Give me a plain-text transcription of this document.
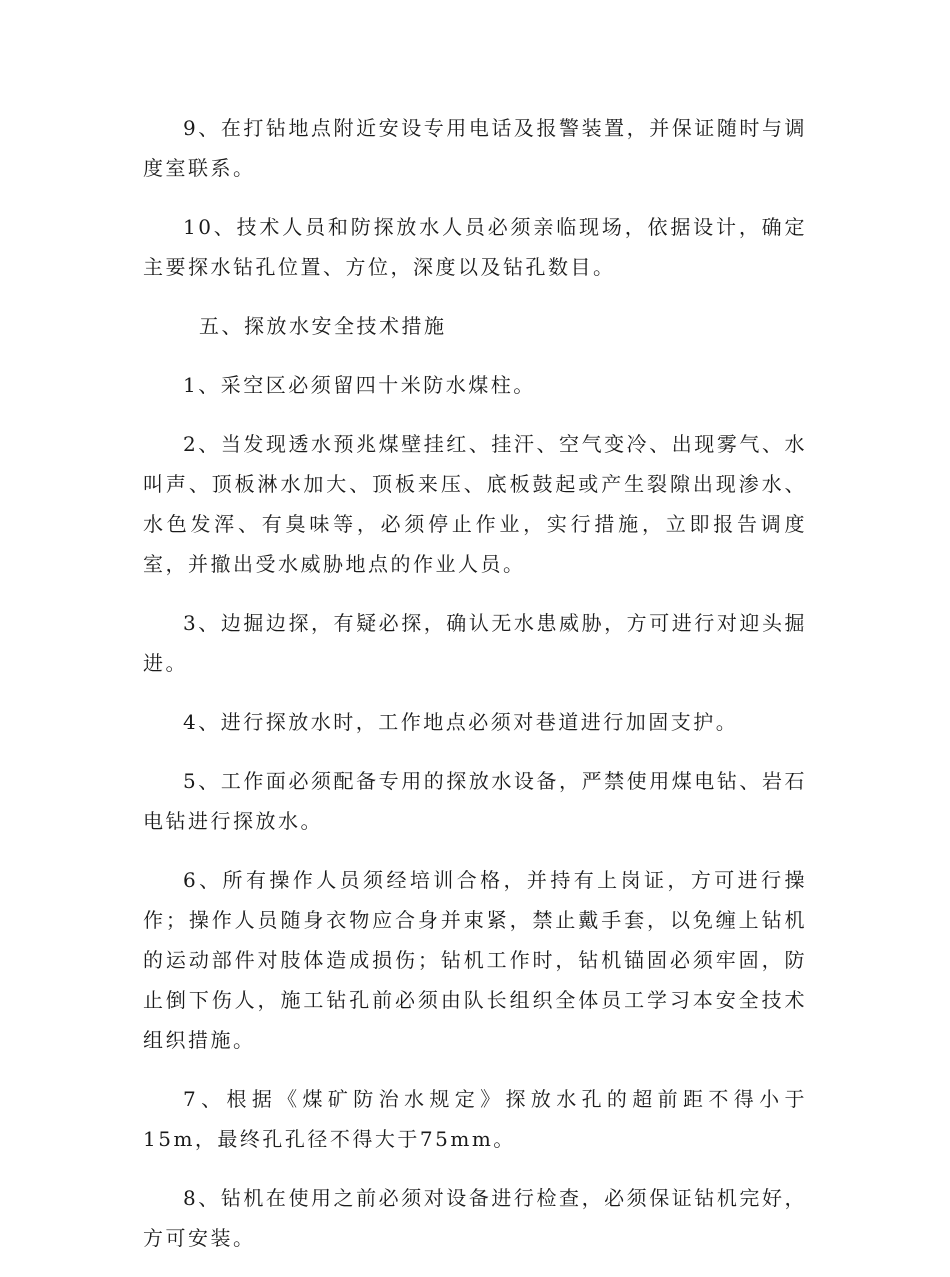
9、在打钻地点附近安设专用电话及报警装置，并保证随时与调度室联系。

10、技术人员和防探放水人员必须亲临现场，依据设计，确定主要探水钻孔位置、方位，深度以及钻孔数目。

五、探放水安全技术措施

1、采空区必须留四十米防水煤柱。

2、当发现透水预兆煤壁挂红、挂汗、空气变冷、出现雾气、水叫声、顶板淋水加大、顶板来压、底板鼓起或产生裂隙出现渗水、水色发浑、有臭味等，必须停止作业，实行措施，立即报告调度室，并撤出受水威胁地点的作业人员。

3、边掘边探，有疑必探，确认无水患威胁，方可进行对迎头掘进。

4、进行探放水时，工作地点必须对巷道进行加固支护。

5、工作面必须配备专用的探放水设备，严禁使用煤电钻、岩石电钻进行探放水。

6、所有操作人员须经培训合格，并持有上岗证，方可进行操作；操作人员随身衣物应合身并束紧，禁止戴手套，以免缠上钻机的运动部件对肢体造成损伤；钻机工作时，钻机锚固必须牢固，防止倒下伤人，施工钻孔前必须由队长组织全体员工学习本安全技术组织措施。

7、根据《煤矿防治水规定》探放水孔的超前距不得小于15m，最终孔孔径不得大于75mm。

8、钻机在使用之前必须对设备进行检查，必须保证钻机完好，方可安装。
